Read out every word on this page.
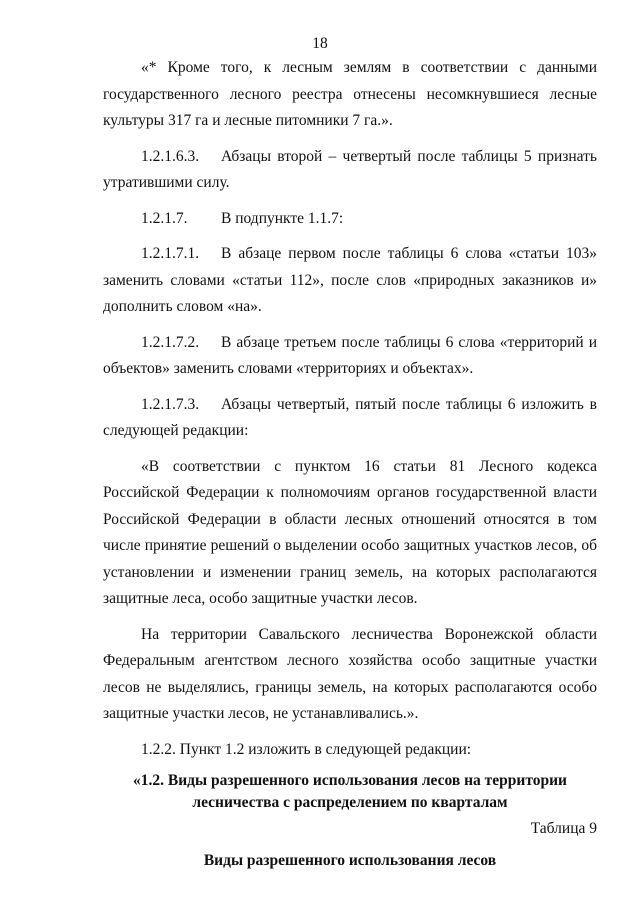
18

«* Кроме того, к лесным землям в соответствии с данными государственного лесного реестра отнесены несомкнувшиеся лесные культуры 317 га и лесные питомники 7 га.».

1.2.1.6.3. Абзацы второй – четвертый после таблицы 5 признать утратившими силу.

1.2.1.7. В подпункте 1.1.7:

1.2.1.7.1. В абзаце первом после таблицы 6 слова «статьи 103» заменить словами «статьи 112», после слов «природных заказников и» дополнить словом «на».

1.2.1.7.2. В абзаце третьем после таблицы 6 слова «территорий и объектов» заменить словами «территориях и объектах».

1.2.1.7.3. Абзацы четвертый, пятый после таблицы 6 изложить в следующей редакции:

«В соответствии с пунктом 16 статьи 81 Лесного кодекса Российской Федерации к полномочиям органов государственной власти Российской Федерации в области лесных отношений относятся в том числе принятие решений о выделении особо защитных участков лесов, об установлении и изменении границ земель, на которых располагаются защитные леса, особо защитные участки лесов.

На территории Савальского лесничества Воронежской области Федеральным агентством лесного хозяйства особо защитные участки лесов не выделялись, границы земель, на которых располагаются особо защитные участки лесов, не устанавливались.».

1.2.2. Пункт 1.2 изложить в следующей редакции:

«1.2. Виды разрешенного использования лесов на территории
лесничества с распределением по кварталам

Таблица 9

Виды разрешенного использования лесов
